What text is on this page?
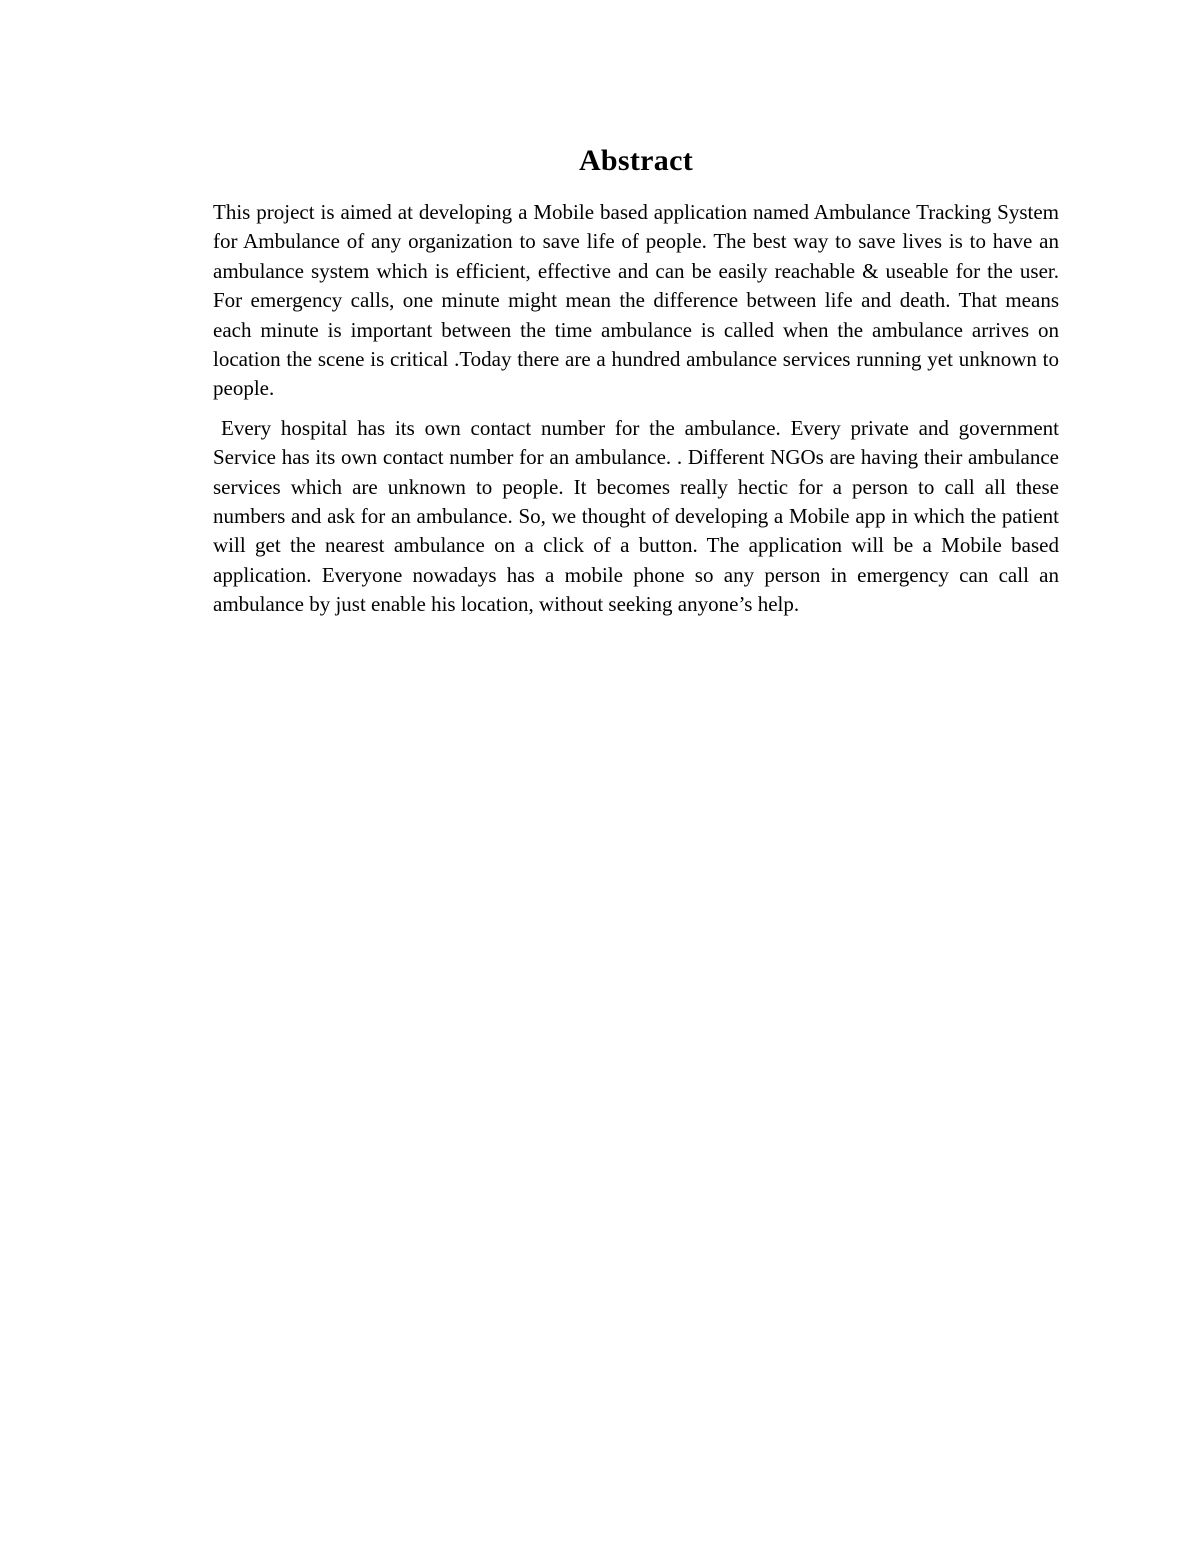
Abstract

This project is aimed at developing a Mobile based application named Ambulance Tracking System for Ambulance of any organization to save life of people. The best way to save lives is to have an ambulance system which is efficient, effective and can be easily reachable & useable for the user. For emergency calls, one minute might mean the difference between life and death. That means each minute is important between the time ambulance is called when the ambulance arrives on location the scene is critical .Today there are a hundred ambulance services running yet unknown to people.

Every hospital has its own contact number for the ambulance. Every private and government Service has its own contact number for an ambulance. . Different NGOs are having their ambulance services which are unknown to people. It becomes really hectic for a person to call all these numbers and ask for an ambulance. So, we thought of developing a Mobile app in which the patient will get the nearest ambulance on a click of a button. The application will be a Mobile based application. Everyone nowadays has a mobile phone so any person in emergency can call an ambulance by just enable his location, without seeking anyone’s help.
